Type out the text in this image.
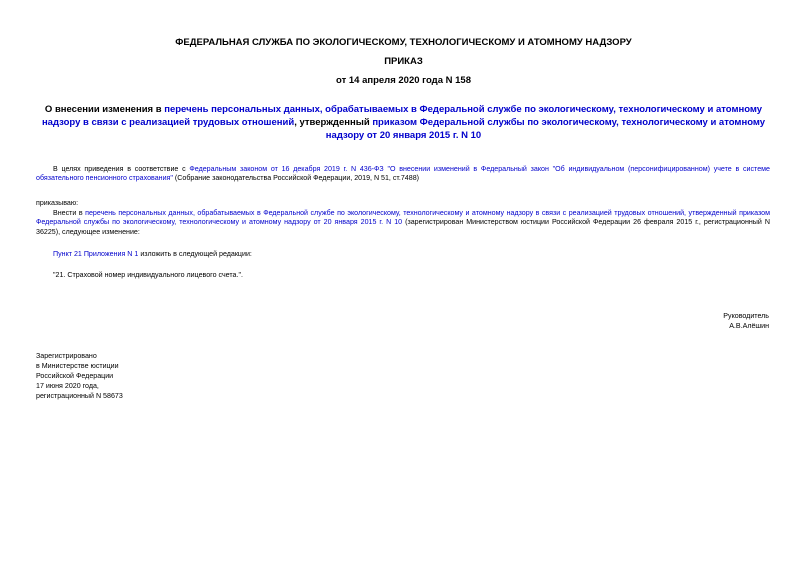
ФЕДЕРАЛЬНАЯ СЛУЖБА ПО ЭКОЛОГИЧЕСКОМУ, ТЕХНОЛОГИЧЕСКОМУ И АТОМНОМУ НАДЗОРУ
ПРИКАЗ
от 14 апреля 2020 года N 158
О внесении изменения в перечень персональных данных, обрабатываемых в Федеральной службе по экологическому, технологическому и атомному надзору в связи с реализацией трудовых отношений, утвержденный приказом Федеральной службы по экологическому, технологическому и атомному надзору от 20 января 2015 г. N 10
В целях приведения в соответствие с Федеральным законом от 16 декабря 2019 г. N 436-ФЗ "О внесении изменений в Федеральный закон "Об индивидуальном (персонифицированном) учете в системе обязательного пенсионного страхования" (Собрание законодательства Российской Федерации, 2019, N 51, ст.7488)
приказываю:
Внести в перечень персональных данных, обрабатываемых в Федеральной службе по экологическому, технологическому и атомному надзору в связи с реализацией трудовых отношений, утвержденный приказом Федеральной службы по экологическому, технологическому и атомному надзору от 20 января 2015 г. N 10 (зарегистрирован Министерством юстиции Российской Федерации 26 февраля 2015 г., регистрационный N 36225), следующее изменение:
Пункт 21 Приложения N 1 изложить в следующей редакции:
"21. Страховой номер индивидуального лицевого счета.".
Руководитель
А.В.Алёшин
Зарегистрировано
в Министерстве юстиции
Российской Федерации
17 июня 2020 года,
регистрационный N 58673
